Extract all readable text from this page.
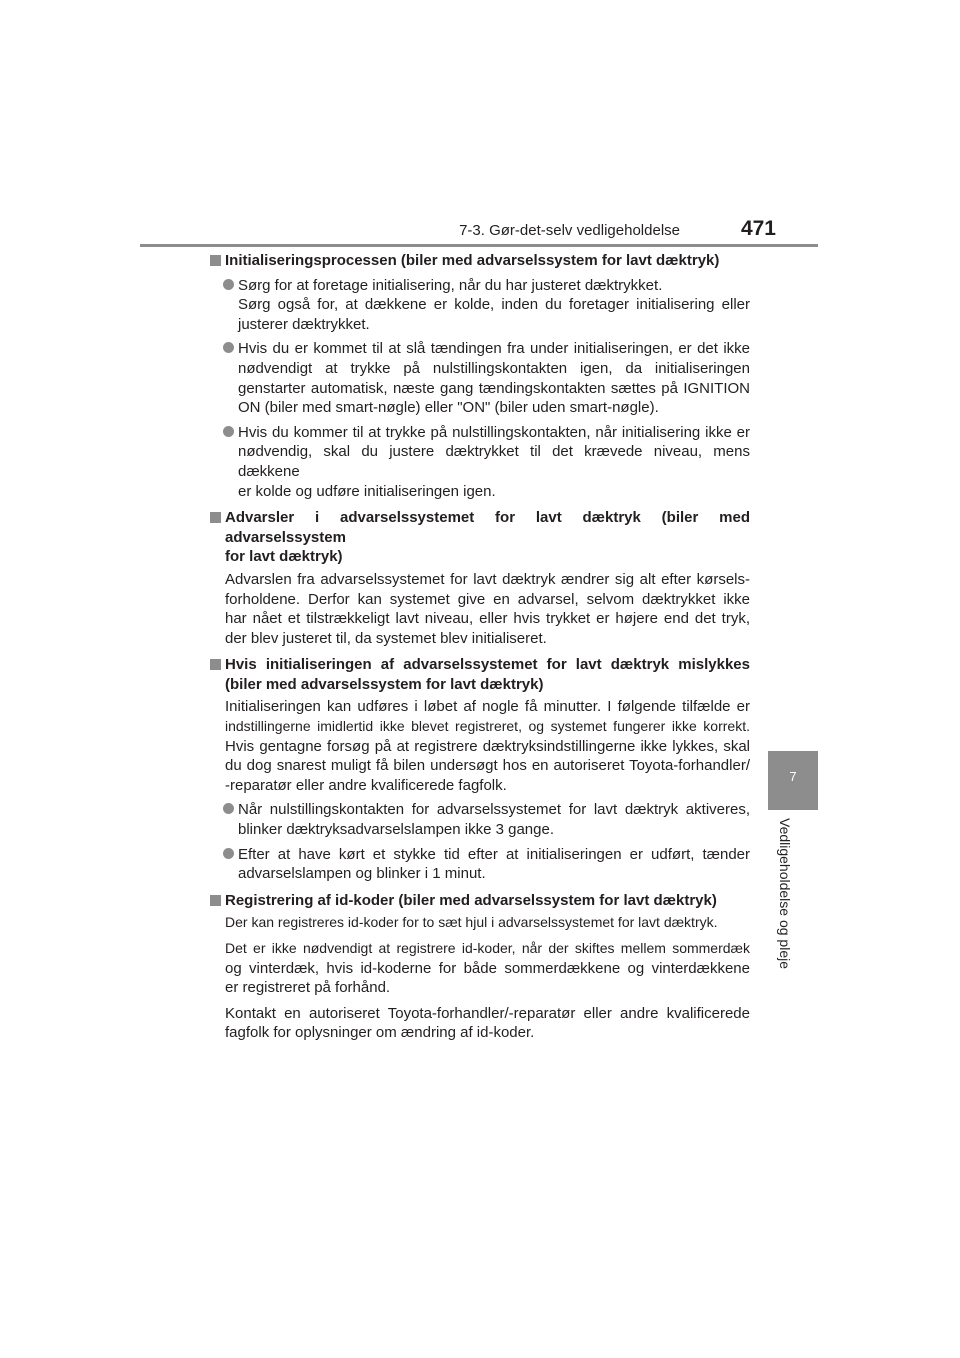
7-3. Gør-det-selv vedligeholdelse	471
7
Vedligeholdelse og pleje
Initialiseringsprocessen (biler med advarselssystem for lavt dæktryk)
Sørg for at foretage initialisering, når du har justeret dæktrykket.
Sørg også for, at dækkene er kolde, inden du foretager initialisering eller
justerer dæktrykket.
Hvis du er kommet til at slå tændingen fra under initialiseringen, er det ikke
nødvendigt at trykke på nulstillingskontakten igen, da initialiseringen
genstarter automatisk, næste gang tændingskontakten sættes på IGNITION
ON (biler med smart-nøgle) eller "ON" (biler uden smart-nøgle).
Hvis du kommer til at trykke på nulstillingskontakten, når initialisering ikke er
nødvendig, skal du justere dæktrykket til det krævede niveau, mens dækkene
er kolde og udføre initialiseringen igen.
Advarsler i advarselssystemet for lavt dæktryk (biler med advarselssystem
for lavt dæktryk)
Advarslen fra advarselssystemet for lavt dæktryk ændrer sig alt efter kørsels-
forholdene. Derfor kan systemet give en advarsel, selvom dæktrykket ikke
har nået et tilstrækkeligt lavt niveau, eller hvis trykket er højere end det tryk,
der blev justeret til, da systemet blev initialiseret.
Hvis initialiseringen af advarselssystemet for lavt dæktryk mislykkes
(biler med advarselssystem for lavt dæktryk)
Initialiseringen kan udføres i løbet af nogle få minutter. I følgende tilfælde er
indstillingerne imidlertid ikke blevet registreret, og systemet fungerer ikke korrekt.
Hvis gentagne forsøg på at registrere dæktryksindstillingerne ikke lykkes, skal
du dog snarest muligt få bilen undersøgt hos en autoriseret Toyota-forhandler/
-reparatør eller andre kvalificerede fagfolk.
Når nulstillingskontakten for advarselssystemet for lavt dæktryk aktiveres,
blinker dæktryksadvarselslampen ikke 3 gange.
Efter at have kørt et stykke tid efter at initialiseringen er udført, tænder
advarselslampen og blinker i 1 minut.
Registrering af id-koder (biler med advarselssystem for lavt dæktryk)
Der kan registreres id-koder for to sæt hjul i advarselssystemet for lavt dæktryk.
Det er ikke nødvendigt at registrere id-koder, når der skiftes mellem sommerdæk
og vinterdæk, hvis id-koderne for både sommerdækkene og vinterdækkene
er registreret på forhånd.
Kontakt en autoriseret Toyota-forhandler/-reparatør eller andre kvalificerede
fagfolk for oplysninger om ændring af id-koder.
